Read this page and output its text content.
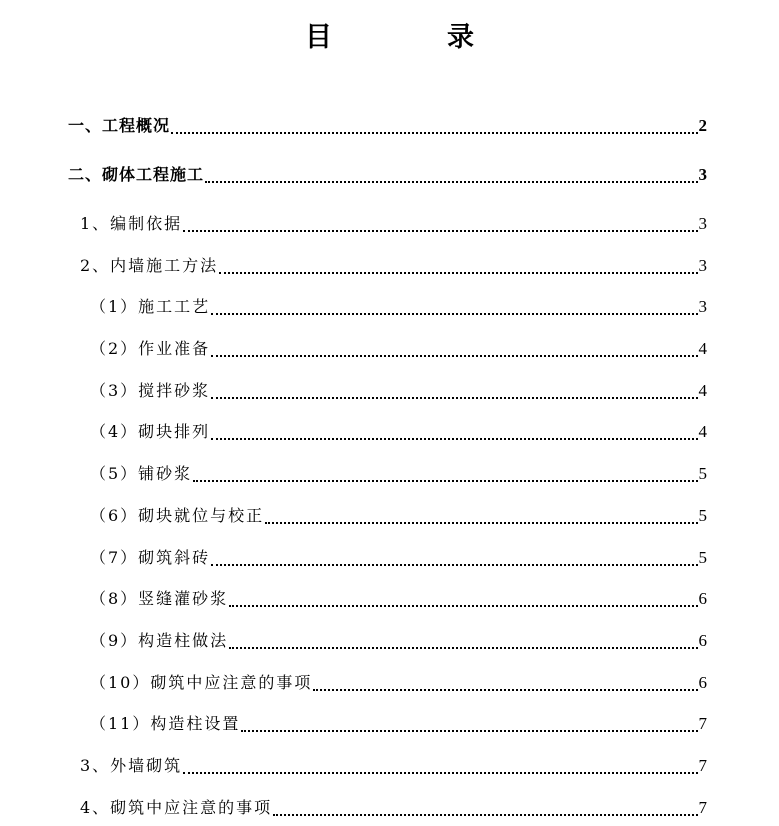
目　录
一、工程概况	2
二、砌体工程施工	3
1、编制依据	3
2、内墙施工方法	3
（1）施工工艺	3
（2）作业准备	4
（3）搅拌砂浆	4
（4）砌块排列	4
（5）铺砂浆	5
（6）砌块就位与校正	5
（7）砌筑斜砖	5
（8）竖缝灌砂浆	6
（9）构造柱做法	6
（10）砌筑中应注意的事项	6
（11）构造柱设置	7
3、外墙砌筑	7
4、砌筑中应注意的事项	7
